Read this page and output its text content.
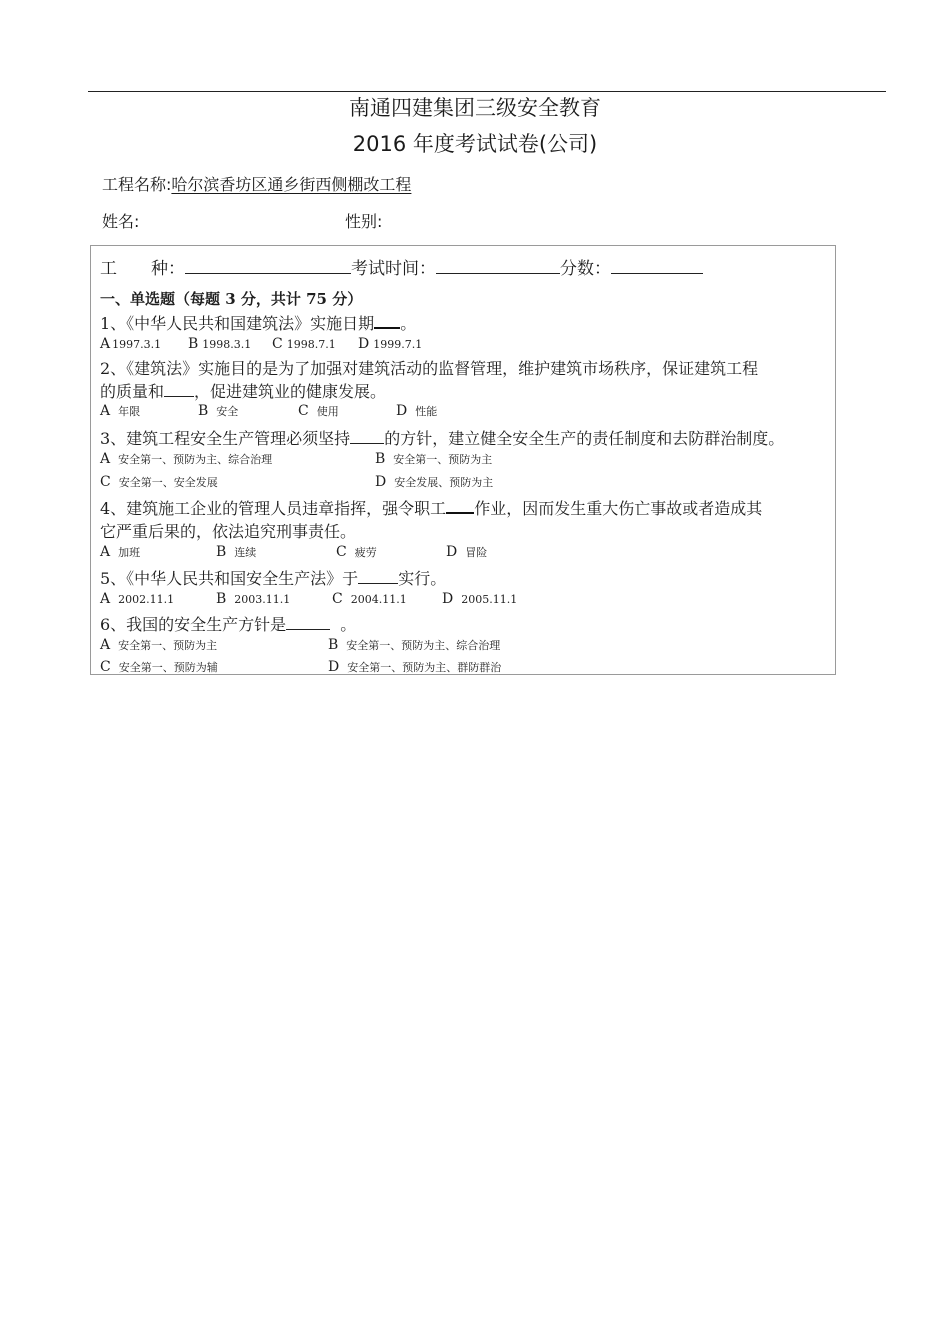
南通四建集团三级安全教育
2016 年度考试试卷(公司)
工程名称:哈尔滨香坊区通乡街西侧棚改工程
姓名:	性别:
工　　种：	考试时间：	分数：
一、单选题（每题 3 分，共计 75 分）
1、《中华人民共和国建筑法》实施日期 。
A 1997.3.1 B 1998.3.1 C 1998.7.1 D 1999.7.1
2、《建筑法》实施目的是为了加强对建筑活动的监督管理，维护建筑市场秩序，保证建筑工程
的质量和 ，促进建筑业的健康发展。
A 年限	B 安全	C 使用	D 性能
3、建筑工程安全生产管理必须坚持 的方针，建立健全安全生产的责任制度和去防群治制度。
A 安全第一、预防为主、综合治理	B 安全第一、预防为主
C 安全第一、安全发展	D 安全发展、预防为主
4、建筑施工企业的管理人员违章指挥，强令职工 作业，因而发生重大伤亡事故或者造成其
它严重后果的，依法追究刑事责任。
A 加班	B 连续	C 疲劳	D 冒险
5、《中华人民共和国安全生产法》于	实行。
A 2002.11.1	B 2003.11.1	C 2004.11.1	D 2005.11.1
6、我国的安全生产方针是	。
A 安全第一、预防为主	B 安全第一、预防为主、综合治理
C 安全第一、预防为辅	D 安全第一、预防为主、群防群治
